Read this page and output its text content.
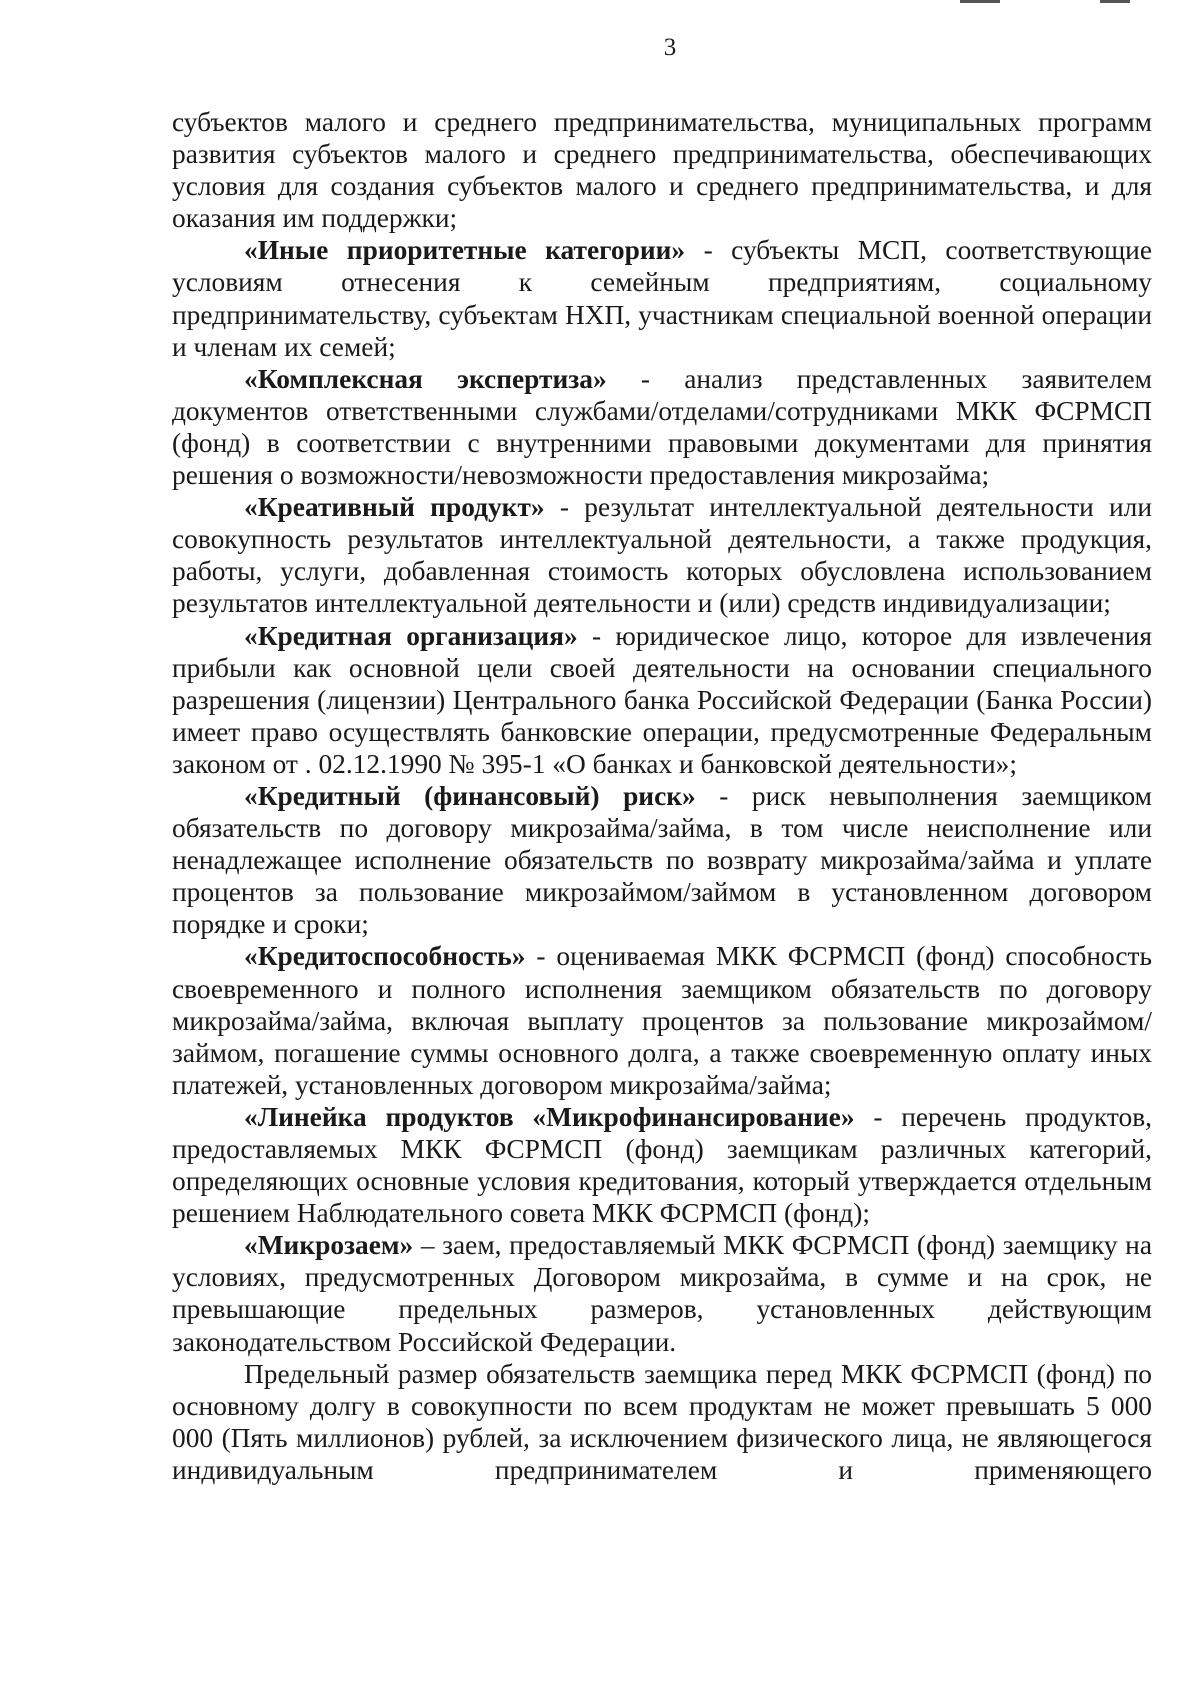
3

субъектов малого и среднего предпринимательства, муниципальных программ развития субъектов малого и среднего предпринимательства, обеспечивающих условия для создания субъектов малого и среднего предпринимательства, и для оказания им поддержки;

«Иные приоритетные категории» - субъекты МСП, соответствующие условиям отнесения к семейным предприятиям, социальному предпринимательству, субъектам НХП, участникам специальной военной операции и членам их семей;

«Комплексная экспертиза» - анализ представленных заявителем документов ответственными службами/отделами/сотрудниками МКК ФСРМСП (фонд) в соответствии с внутренними правовыми документами для принятия решения о возможности/невозможности предоставления микрозайма;

«Креативный продукт» - результат интеллектуальной деятельности или совокупность результатов интеллектуальной деятельности, а также продукция, работы, услуги, добавленная стоимость которых обусловлена использованием результатов интеллектуальной деятельности и (или) средств индивидуализации;

«Кредитная организация» - юридическое лицо, которое для извлечения прибыли как основной цели своей деятельности на основании специального разрешения (лицензии) Центрального банка Российской Федерации (Банка России) имеет право осуществлять банковские операции, предусмотренные Федеральным законом от . 02.12.1990 № 395-1 «О банках и банковской деятельности»;

«Кредитный (финансовый) риск» - риск невыполнения заемщиком обязательств по договору микрозайма/займа, в том числе неисполнение или ненадлежащее исполнение обязательств по возврату микрозайма/займа и уплате процентов за пользование микрозаймом/займом в установленном договором порядке и сроки;

«Кредитоспособность» - оцениваемая МКК ФСРМСП (фонд) способность своевременного и полного исполнения заемщиком обязательств по договору микрозайма/займа, включая выплату процентов за пользование микрозаймом/займом, погашение суммы основного долга, а также своевременную оплату иных платежей, установленных договором микрозайма/займа;

«Линейка продуктов «Микрофинансирование» - перечень продуктов, предоставляемых МКК ФСРМСП (фонд) заемщикам различных категорий, определяющих основные условия кредитования, который утверждается отдельным решением Наблюдательного совета МКК ФСРМСП (фонд);

«Микрозаем» – заем, предоставляемый МКК ФСРМСП (фонд) заемщику на условиях, предусмотренных Договором микрозайма, в сумме и на срок, не превышающие предельных размеров, установленных действующим законодательством Российской Федерации.

Предельный размер обязательств заемщика перед МКК ФСРМСП (фонд) по основному долгу в совокупности по всем продуктам не может превышать 5 000 000 (Пять миллионов) рублей, за исключением физического лица, не являющегося индивидуальным предпринимателем и применяющего
